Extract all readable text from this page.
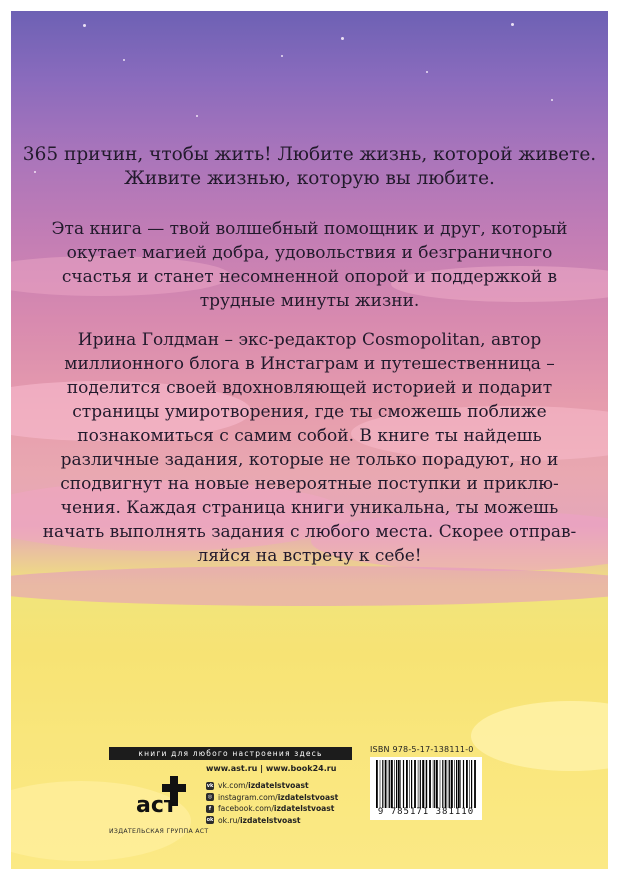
365 причин, чтобы жить! Любите жизнь, которой живете.
Живите жизнью, которую вы любите.
Эта книга — твой волшебный помощник и друг, который
окутает магией добра, удовольствия и безграничного
счастья и станет несомненной опорой и поддержкой в
трудные минуты жизни.
Ирина Голдман – экс-редактор Cosmopolitan, автор
миллионного блога в Инстаграм и путешественница –
поделится своей вдохновляющей историей и подарит
страницы умиротворения, где ты сможешь поближе
познакомиться с самим собой. В книге ты найдешь
различные задания, которые не только порадуют, но и
сподвигнут на новые невероятные поступки и приклю-
чения. Каждая страница книги уникальна, ты можешь
начать выполнять задания с любого места. Скорее отправ-
ляйся на встречу к себе!
книги для любого настроения здесь
аст
ИЗДАТЕЛЬСКАЯ ГРУППА АСТ
www.ast.ru | www.book24.ru
vk vk.com/ izdatelstvoast
◎ instagram.com/ izdatelstvoast
f facebook.com/ izdatelstvoast
ok ok.ru/ izdatelstvoast
ISBN 978-5-17-138111-0
9 785171 381110
